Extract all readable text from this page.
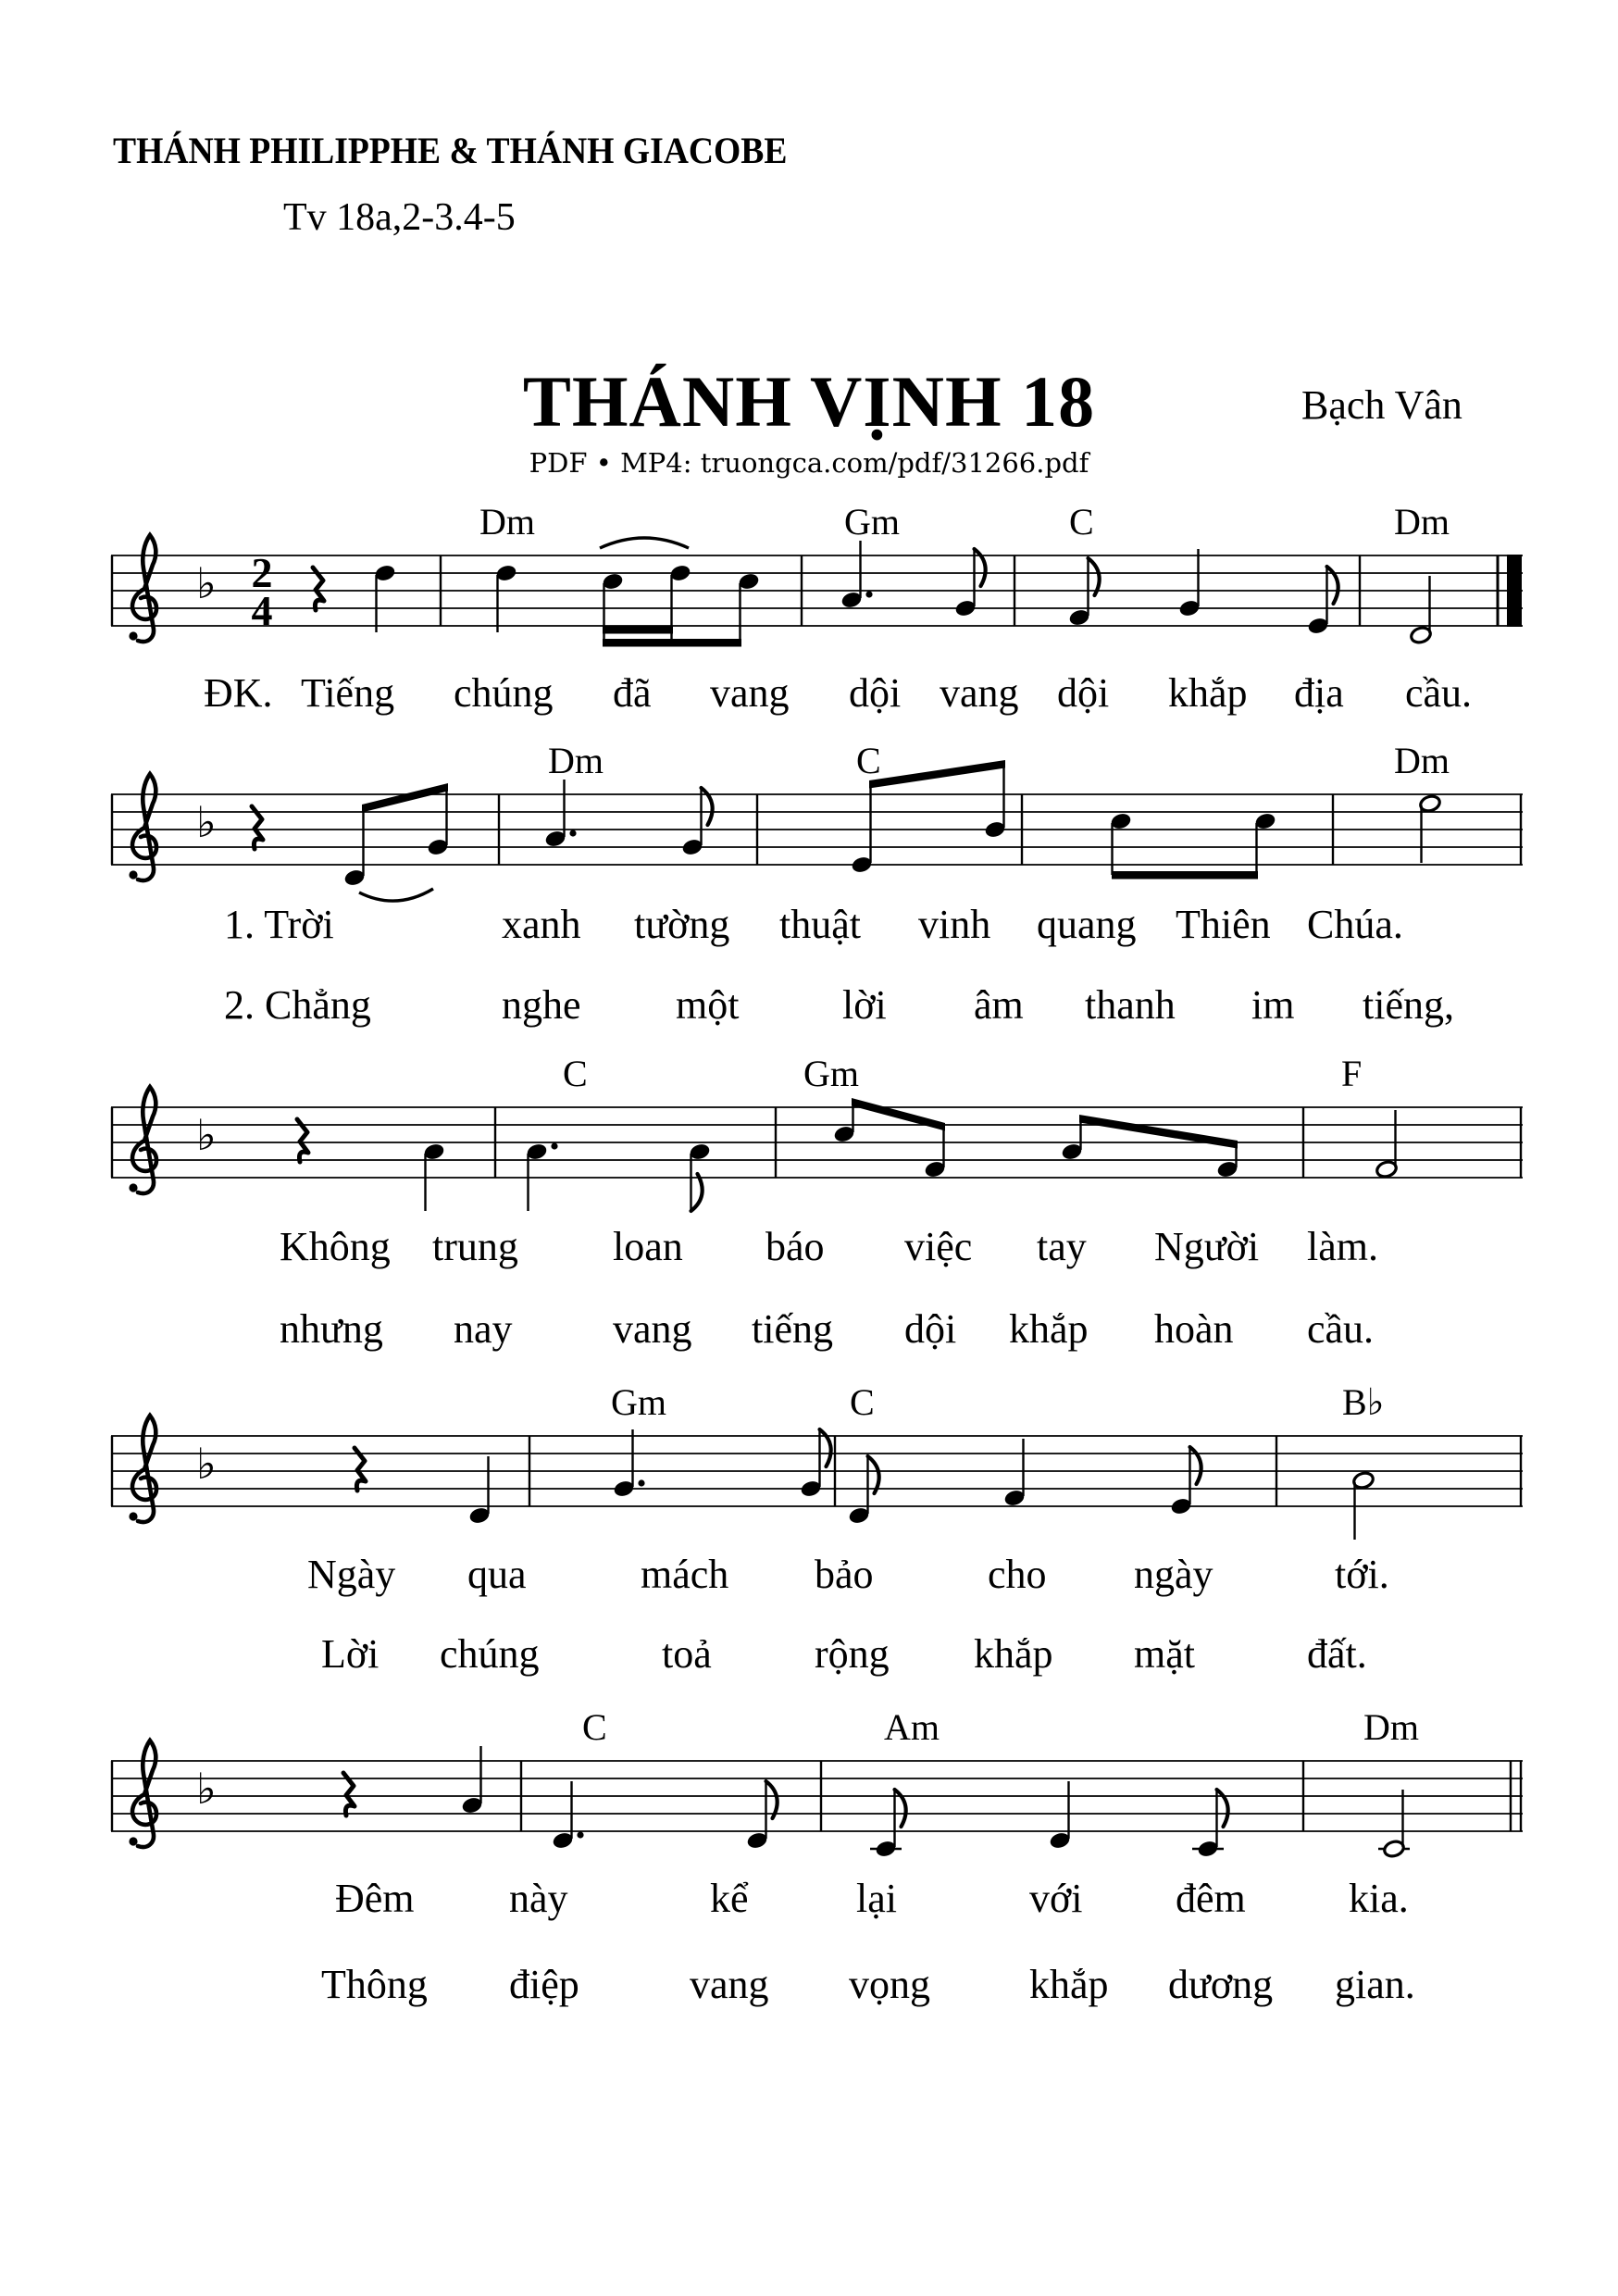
THÁNH PHILIPPHE & THÁNH GIACOBE
Tv 18a,2-3.4-5
THÁNH VỊNH 18	Bạch Vân
PDF • MP4: truongca.com/pdf/31266.pdf
♭ 2
4
Dm	Gm	C	Dm
♭
Dm	C	Dm
♭
C	Gm	F
♭
Gm	C	B♭
♭
C	Am	Dm
ĐK. Tiếng chúng đã vang dội vang dội khắp địa cầu.
1. Trời	xanh tường thuật vinh quang Thiên Chúa.
2. Chẳng	nghe một	lời âm thanh im tiếng,
Không trung loan báo việc tay Người làm.
nhưng nay vang tiếng dội khắp hoàn cầu.
Ngày qua	mách bảo	cho ngày	tới.
Lời chúng	toả	rộng khắp mặt	đất.
Đêm này	kể	lại	với đêm	kia.
Thông điệp	vang vọng khắp dương gian.
